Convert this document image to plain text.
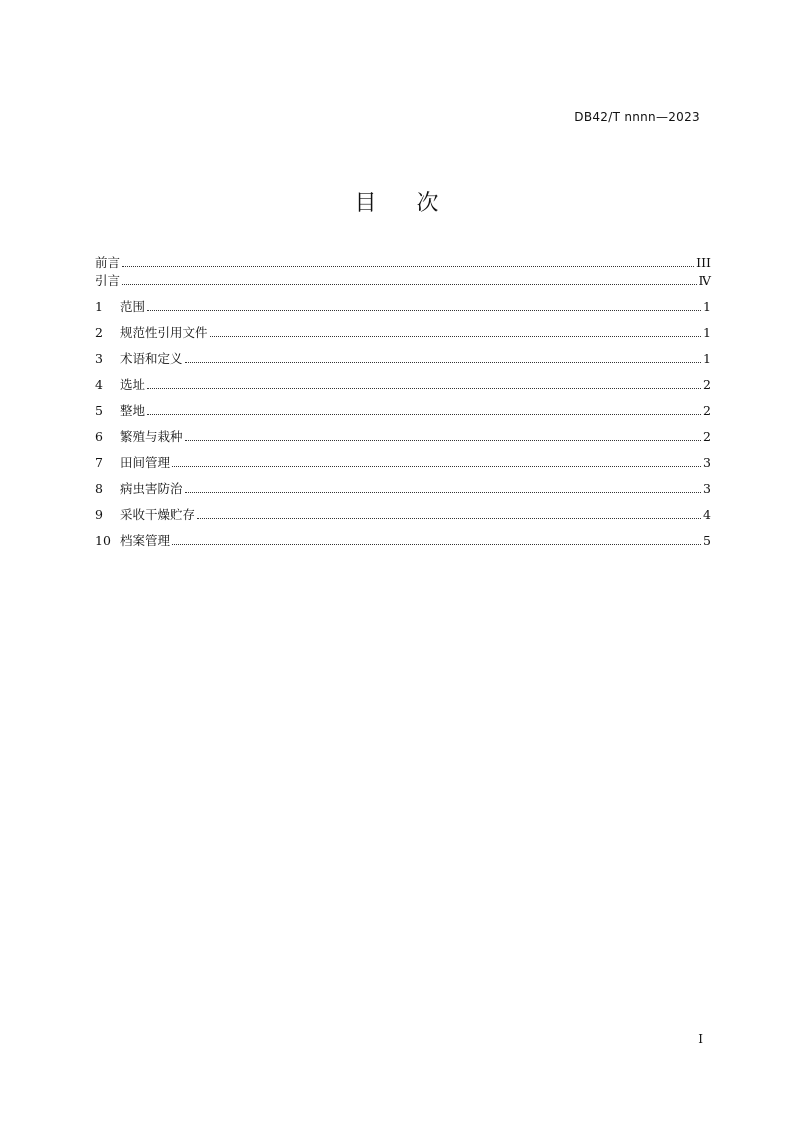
DB42/T nnnn—2023
目 次
前言	III
引言	Ⅳ
1	范围	1
2	规范性引用文件	1
3	术语和定义	1
4	选址	2
5	整地	2
6	繁殖与栽种	2
7	田间管理	3
8	病虫害防治	3
9	采收干燥贮存	4
10 档案管理	5
I
